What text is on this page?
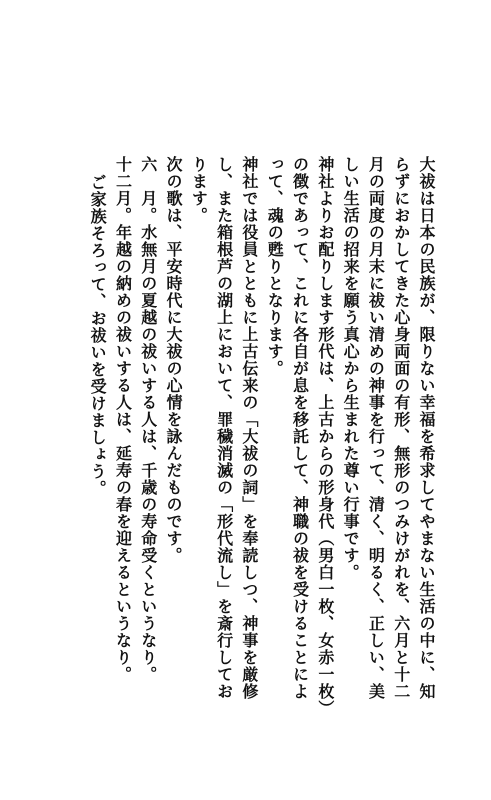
大祓は日本の民族が、限りない幸福を希求してやまない生活の中に、知
らずにおかしてきた心身両面の有形、無形のつみけがれを、六月と十二
月の両度の月末に祓い清めの神事を行って、清く、明るく、正しい、美
しい生活の招来を願う真心から生まれた尊い行事です。
神社よりお配りします形代は、上古からの形身代（男白一枚、女赤一枚）
の徴であって、これに各自が息を移託して、神職の祓を受けることによ
って、魂の甦りとなります。
神社では役員とともに上古伝来の「大祓の詞」を奉読しつ、神事を厳修
し、また箱根芦の湖上において、罪穢消滅の「形代流し」を斎行してお
ります。
次の歌は、平安時代に大祓の心情を詠んだものです。
六　月。水無月の夏越の祓いする人は、千歳の寿命受くというなり。
十二月。年越の納めの祓いする人は、延寿の春を迎えるというなり。
ご家族そろって、お祓いを受けましょう。
